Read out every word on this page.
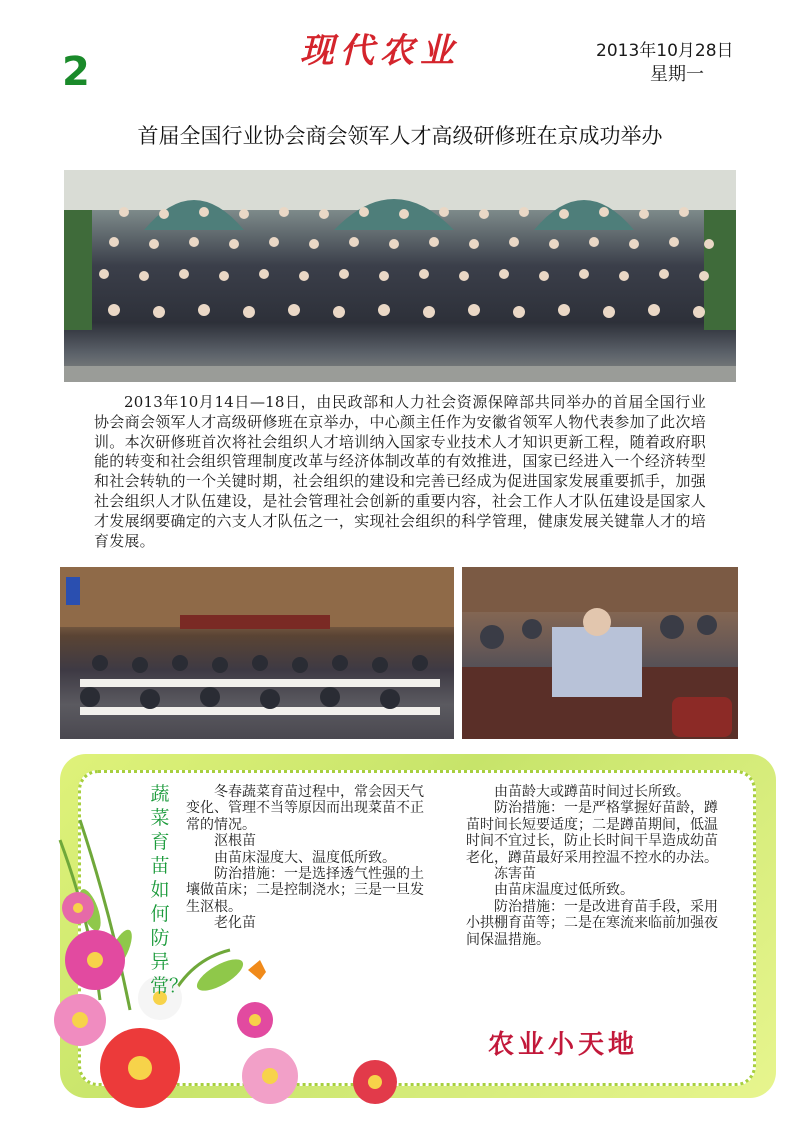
2	现代农业	2013年10月28日
星期一
首届全国行业协会商会领军人才高级研修班在京成功举办

2013年10月14日—18日，由民政部和人力社会资源保障部共同举办的首届全国行业协会商会领军人才高级研修班在京举办，中心颜主任作为安徽省领军人物代表参加了此次培训。本次研修班首次将社会组织人才培训纳入国家专业技术人才知识更新工程，随着政府职能的转变和社会组织管理制度改革与经济体制改革的有效推进，国家已经进入一个经济转型和社会转轨的一个关键时期，社会组织的建设和完善已经成为促进国家发展重要抓手，加强社会组织人才队伍建设，是社会管理社会创新的重要内容，社会工作人才队伍建设是国家人才发展纲要确定的六支人才队伍之一，实现社会组织的科学管理，健康发展关键靠人才的培育发展。

蔬菜育苗如何防异常？

冬春蔬菜育苗过程中，常会因天气变化、管理不当等原因而出现菜苗不正常的情况。

沤根苗

由苗床湿度大、温度低所致。

防治措施：一是选择透气性强的土壤做苗床；二是控制浇水；三是一旦发生沤根。

老化苗

由苗龄大或蹲苗时间过长所致。

防治措施：一是严格掌握好苗龄，蹲苗时间长短要适度；二是蹲苗期间，低温时间不宜过长，防止长时间干旱造成幼苗老化，蹲苗最好采用控温不控水的办法。

冻害苗

由苗床温度过低所致。

防治措施：一是改进育苗手段，采用小拱棚育苗等；二是在寒流来临前加强夜间保温措施。

农业小天地
